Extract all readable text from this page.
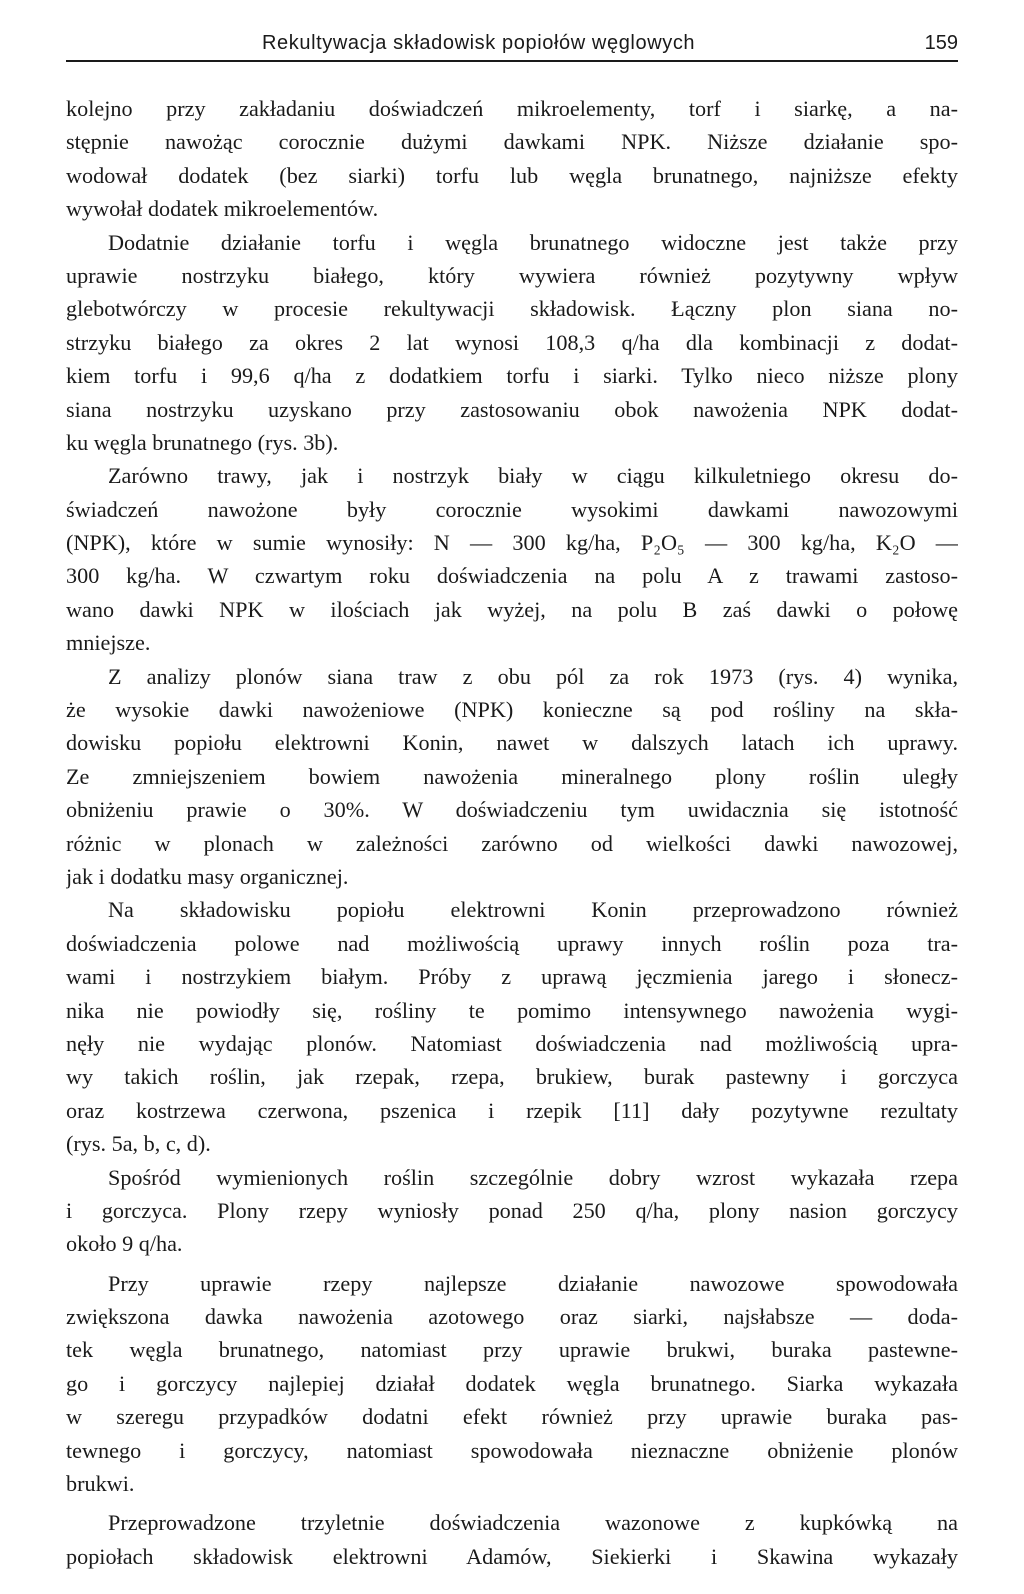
Rekultywacja składowisk popiołów węglowych	159
kolejno przy zakładaniu doświadczeń mikroelementy, torf i siarkę, a na-
stępnie nawożąc corocznie dużymi dawkami NPK. Niższe działanie spo-
wodował dodatek (bez siarki) torfu lub węgla brunatnego, najniższe efekty
wywołał dodatek mikroelementów.
Dodatnie działanie torfu i węgla brunatnego widoczne jest także przy
uprawie nostrzyku białego, który wywiera również pozytywny wpływ
glebotwórczy w procesie rekultywacji składowisk. Łączny plon siana no-
strzyku białego za okres 2 lat wynosi 108,3 q/ha dla kombinacji z dodat-
kiem torfu i 99,6 q/ha z dodatkiem torfu i siarki. Tylko nieco niższe plony
siana nostrzyku uzyskano przy zastosowaniu obok nawożenia NPK dodat-
ku węgla brunatnego (rys. 3b).
Zarówno trawy, jak i nostrzyk biały w ciągu kilkuletniego okresu do-
świadczeń nawożone były corocznie wysokimi dawkami nawozowymi
(NPK), które w sumie wynosiły: N — 300 kg/ha, P₂O₅ — 300 kg/ha, K₂O —
300 kg/ha. W czwartym roku doświadczenia na polu A z trawami zastoso-
wano dawki NPK w ilościach jak wyżej, na polu B zaś dawki o połowę
mniejsze.
Z analizy plonów siana traw z obu pól za rok 1973 (rys. 4) wynika,
że wysokie dawki nawożeniowe (NPK) konieczne są pod rośliny na skła-
dowisku popiołu elektrowni Konin, nawet w dalszych latach ich uprawy.
Ze zmniejszeniem bowiem nawożenia mineralnego plony roślin uległy
obniżeniu prawie o 30%. W doświadczeniu tym uwidacznia się istotność
różnic w plonach w zależności zarówno od wielkości dawki nawozowej,
jak i dodatku masy organicznej.
Na składowisku popiołu elektrowni Konin przeprowadzono również
doświadczenia polowe nad możliwością uprawy innych roślin poza tra-
wami i nostrzykiem białym. Próby z uprawą jęczmienia jarego i słonecz-
nika nie powiodły się, rośliny te pomimo intensywnego nawożenia wygi-
nęły nie wydając plonów. Natomiast doświadczenia nad możliwością upra-
wy takich roślin, jak rzepak, rzepa, brukiew, burak pastewny i gorczyca
oraz kostrzewa czerwona, pszenica i rzepik [11] dały pozytywne rezultaty
(rys. 5a, b, c, d).
Spośród wymienionych roślin szczególnie dobry wzrost wykazała rzepa
i gorczyca. Plony rzepy wyniosły ponad 250 q/ha, plony nasion gorczycy
około 9 q/ha.
Przy uprawie rzepy najlepsze działanie nawozowe spowodowała
zwiększona dawka nawożenia azotowego oraz siarki, najsłabsze — doda-
tek węgla brunatnego, natomiast przy uprawie brukwi, buraka pastewne-
go i gorczycy najlepiej działał dodatek węgla brunatnego. Siarka wykazała
w szeregu przypadków dodatni efekt również przy uprawie buraka pas-
tewnego i gorczycy, natomiast spowodowała nieznaczne obniżenie plonów
brukwi.
Przeprowadzone trzyletnie doświadczenia wazonowe z kupkówką na
popiołach składowisk elektrowni Adamów, Siekierki i Skawina wykazały
